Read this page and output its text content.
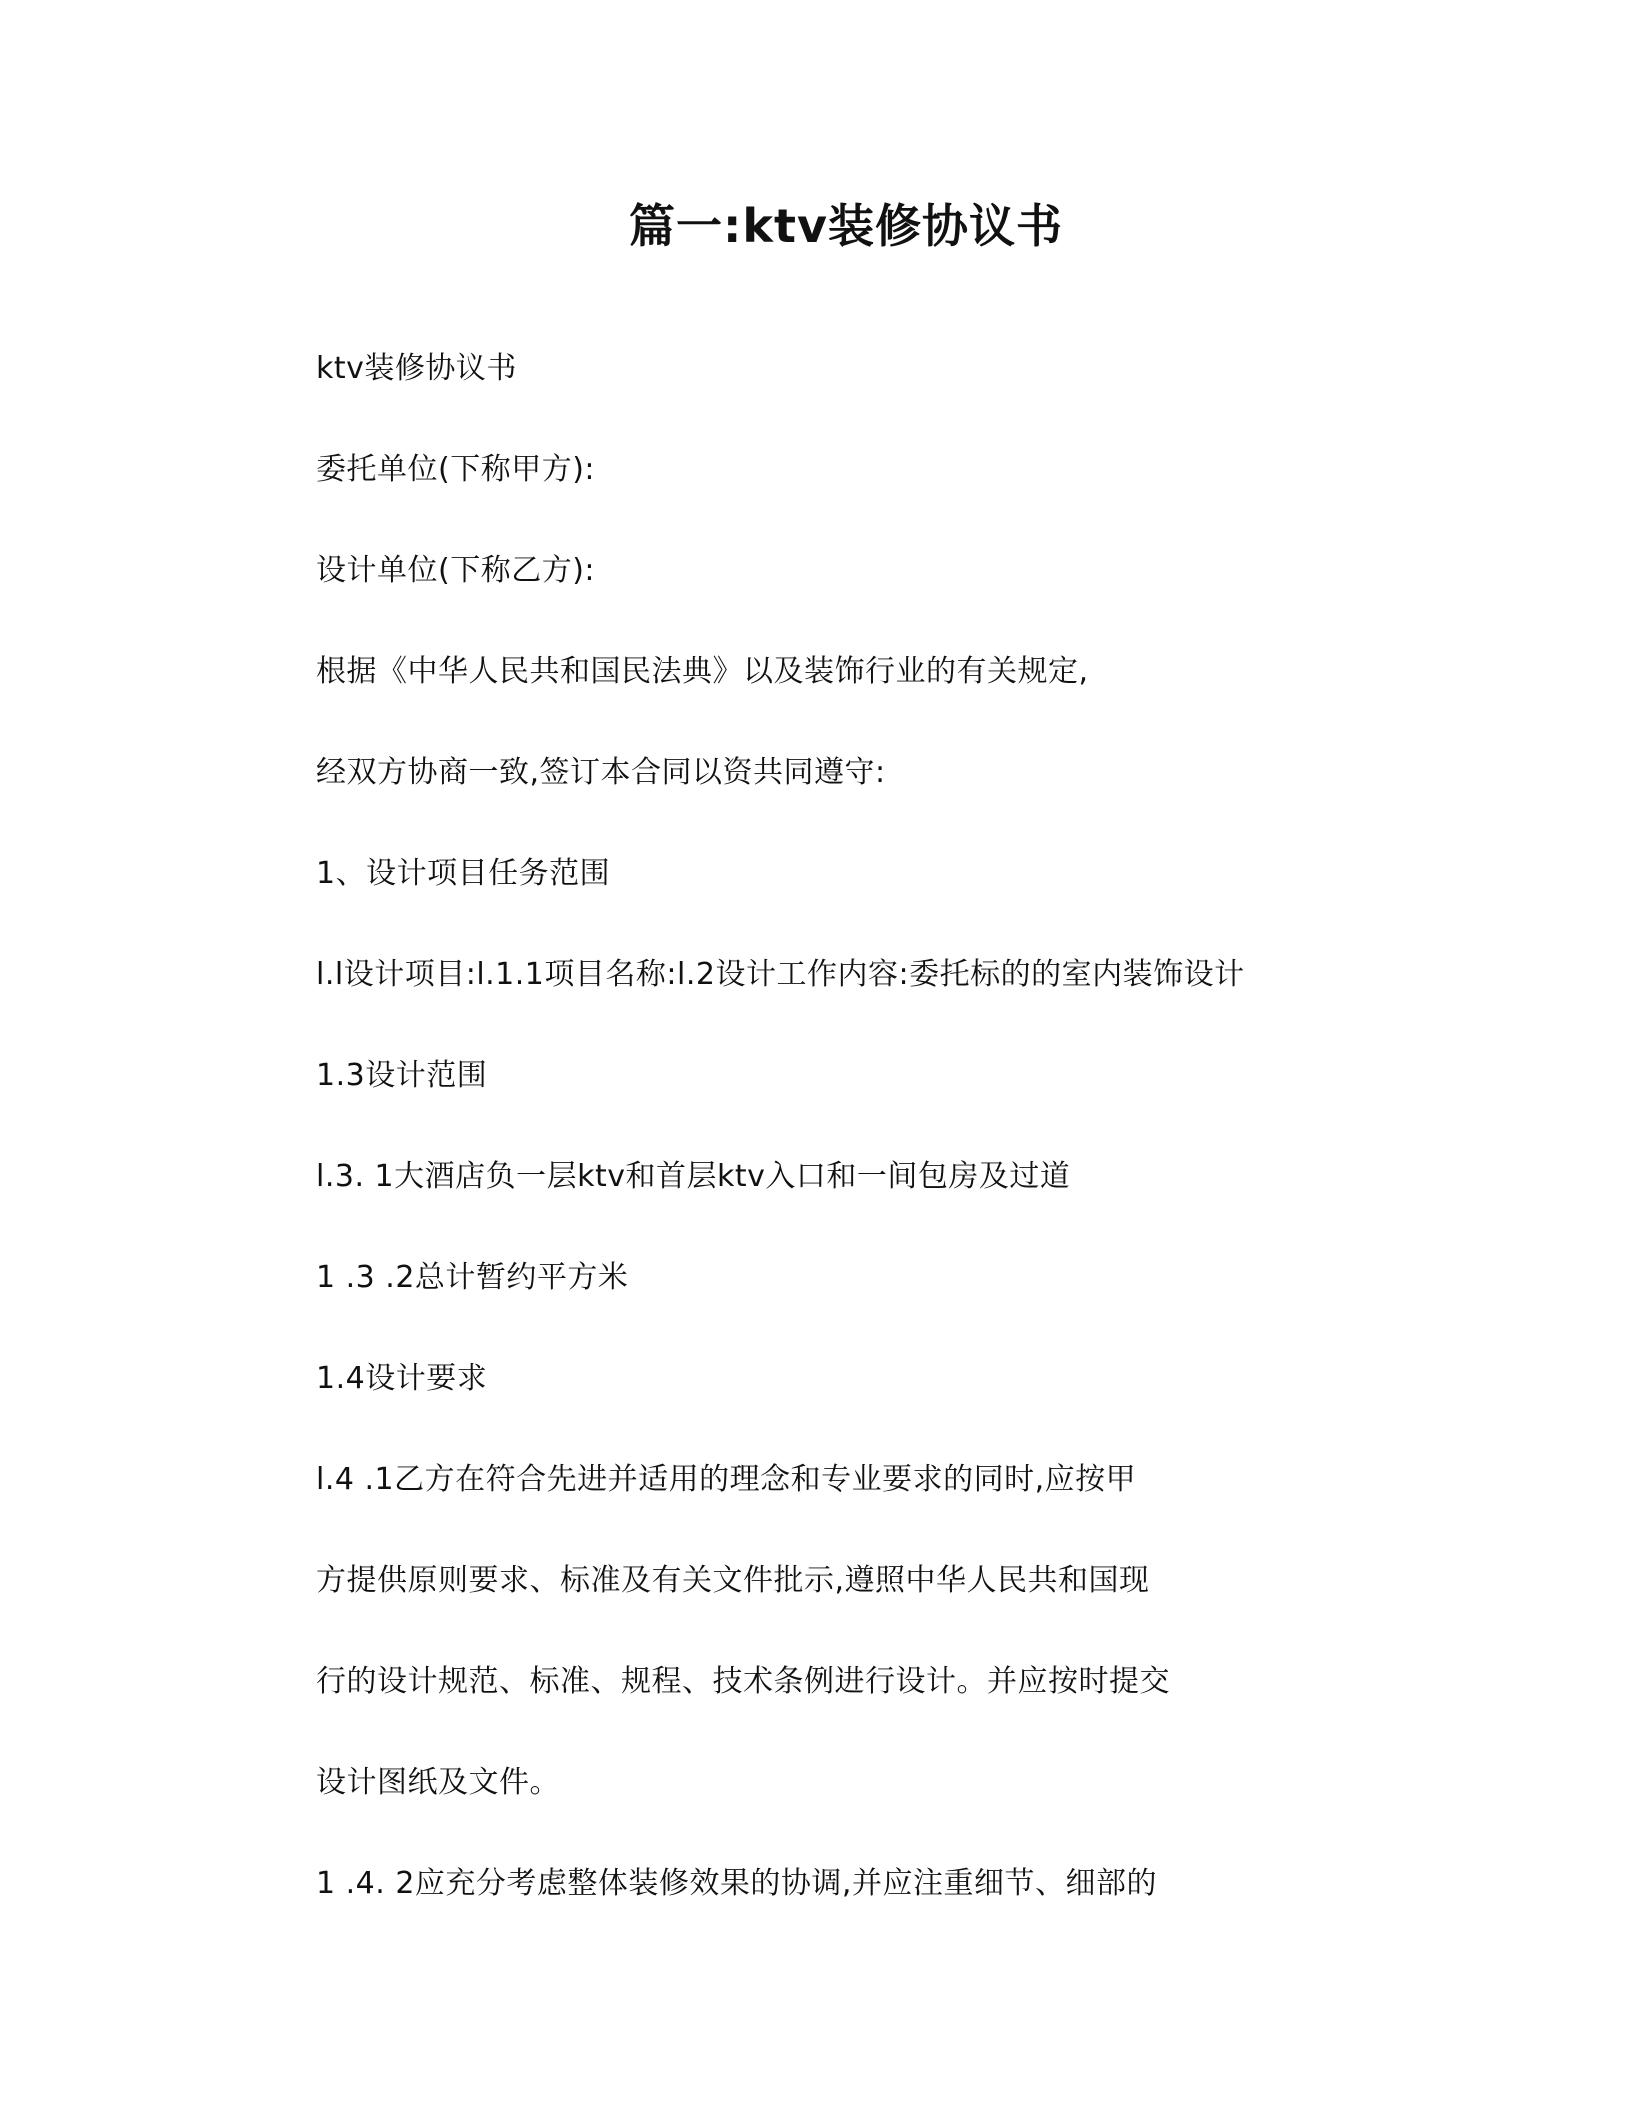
篇一:ktv装修协议书
ktv装修协议书
委托单位(下称甲方):
设计单位(下称乙方):
根据《中华人民共和国民法典》以及装饰行业的有关规定,
经双方协商一致,签订本合同以资共同遵守:
1、设计项目任务范围
l.l设计项目:l.1.1项目名称:l.2设计工作内容:委托标的的室内装饰设计
1.3设计范围
l.3. 1大酒店负一层ktv和首层ktv入口和一间包房及过道
1 .3 .2总计暂约平方米
1.4设计要求
l.4 .1乙方在符合先进并适用的理念和专业要求的同时,应按甲
方提供原则要求、标准及有关文件批示,遵照中华人民共和国现
行的设计规范、标准、规程、技术条例进行设计。并应按时提交
设计图纸及文件。
1 .4. 2应充分考虑整体装修效果的协调,并应注重细节、细部的
